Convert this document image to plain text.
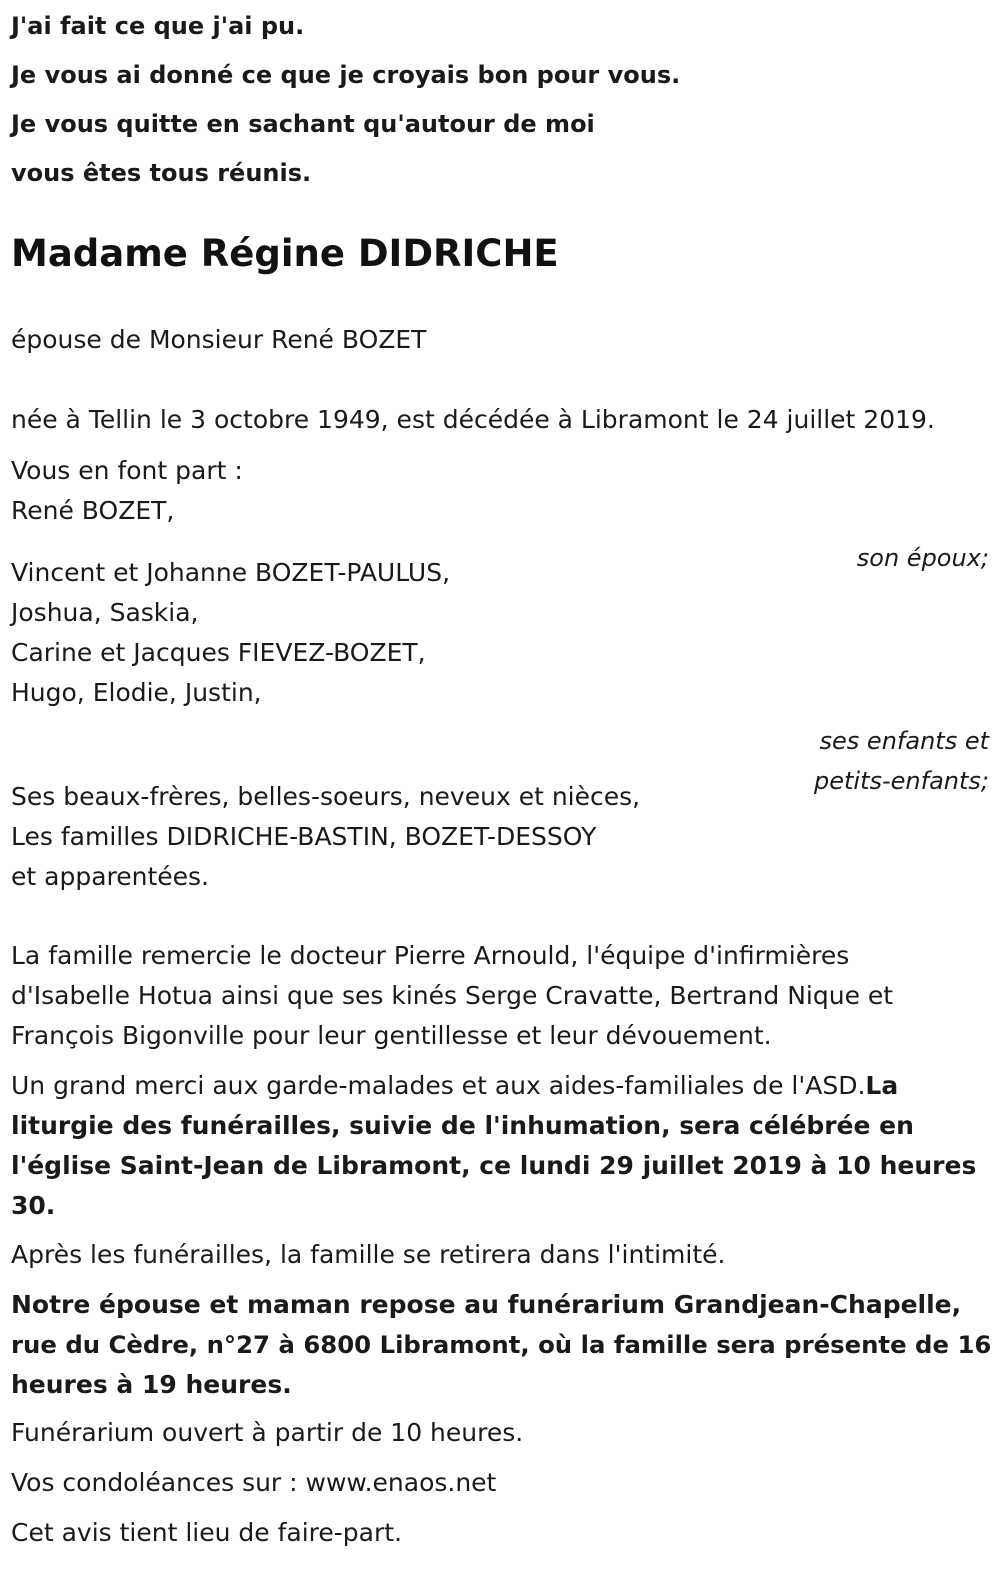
J'ai fait ce que j'ai pu.

Je vous ai donné ce que je croyais bon pour vous.

Je vous quitte en sachant qu'autour de moi

vous êtes tous réunis.

Madame Régine DIDRICHE

épouse de Monsieur René BOZET

née à Tellin le 3 octobre 1949, est décédée à Libramont le 24 juillet 2019.

Vous en font part :

René BOZET,

son époux;

Vincent et Johanne BOZET-PAULUS,

Joshua, Saskia,

Carine et Jacques FIEVEZ-BOZET,

Hugo, Elodie, Justin,

ses enfants et

petits-enfants;

Ses beaux-frères, belles-soeurs, neveux et nièces,

Les familles DIDRICHE-BASTIN, BOZET-DESSOY

et apparentées.

La famille remercie le docteur Pierre Arnould, l'équipe d'infirmières

d'Isabelle Hotua ainsi que ses kinés Serge Cravatte, Bertrand Nique et

François Bigonville pour leur gentillesse et leur dévouement.

Un grand merci aux garde-malades et aux aides-familiales de l'ASD.La

liturgie des funérailles, suivie de l'inhumation, sera célébrée en

l'église Saint-Jean de Libramont, ce lundi 29 juillet 2019 à 10 heures

30.

Après les funérailles, la famille se retirera dans l'intimité.

Notre épouse et maman repose au funérarium Grandjean-Chapelle,

rue du Cèdre, n°27 à 6800 Libramont, où la famille sera présente de 16

heures à 19 heures.

Funérarium ouvert à partir de 10 heures.

Vos condoléances sur : www.enaos.net

Cet avis tient lieu de faire-part.
